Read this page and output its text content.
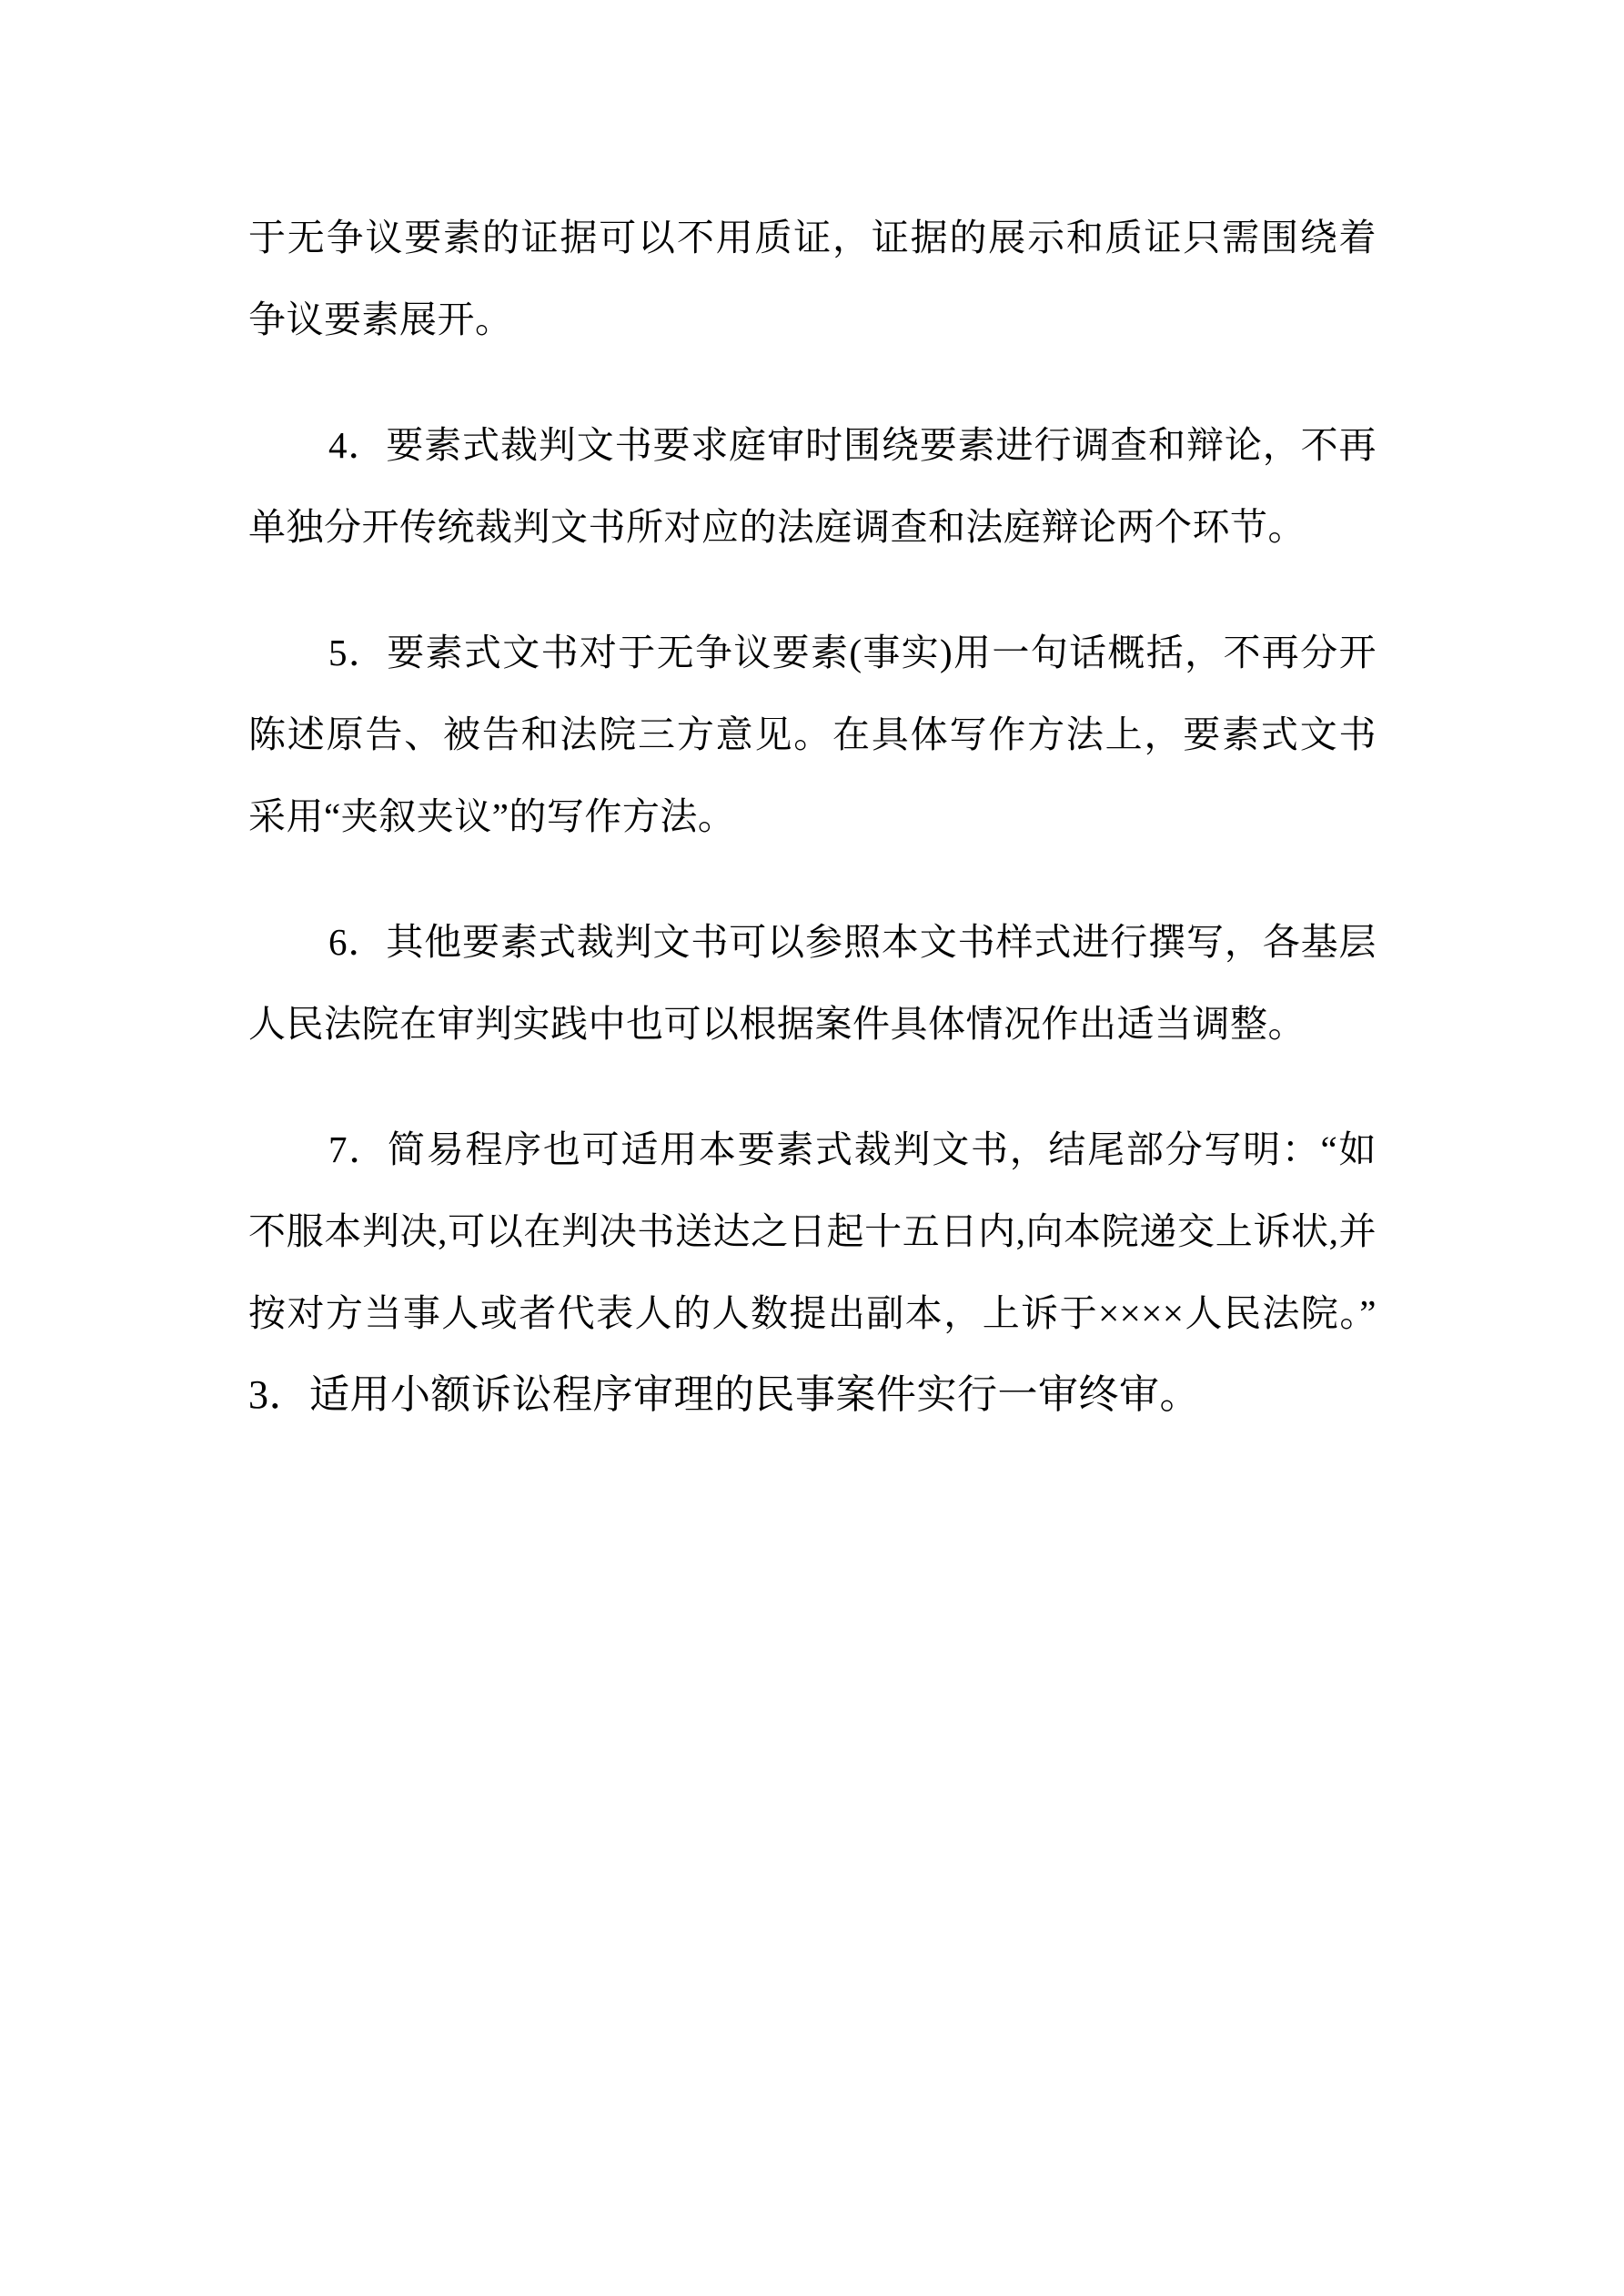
于无争议要素的证据可以不用质证，证据的展示和质证只需围绕着争议要素展开。

4．要素式裁判文书要求庭审时围绕要素进行调查和辩论，不再单独分开传统裁判文书所对应的法庭调查和法庭辩论两个环节。

5．要素式文书对于无争议要素(事实)用一句话概括，不再分开陈述原告、被告和法院三方意见。在具体写作方法上，要素式文书采用“夹叙夹议”的写作方法。

6．其他要素式裁判文书可以参照本文书样式进行撰写，各基层人民法院在审判实践中也可以根据案件具体情况作出适当调整。

7．简易程序也可适用本要素式裁判文书，结尾部分写明：“如不服本判决,可以在判决书送达之日起十五日内,向本院递交上诉状,并按对方当事人或者代表人的人数提出副本，上诉于××××人民法院。”　3．适用小额诉讼程序审理的民事案件实行一审终审。
